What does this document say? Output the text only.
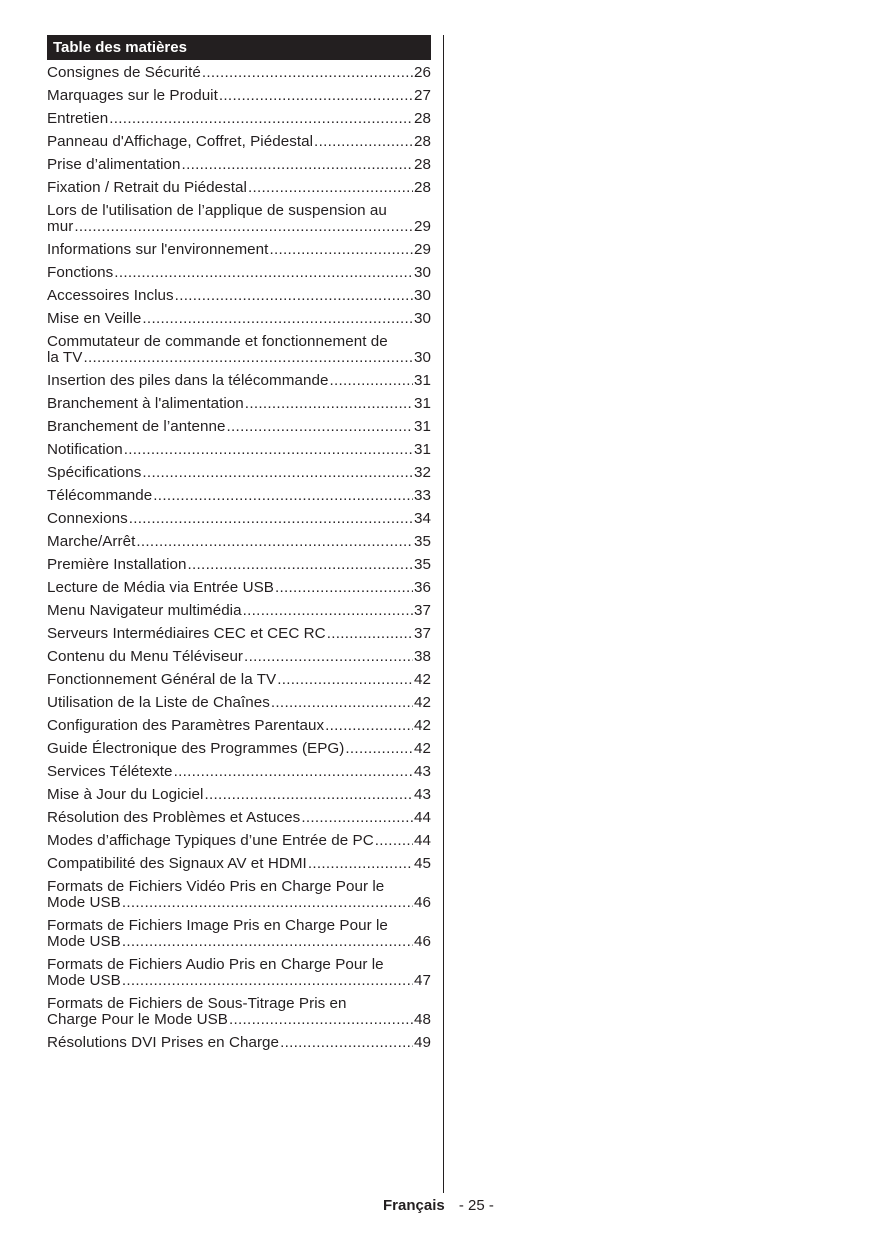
Table des matières
Consignes de Sécurité .....	26
Marquages sur le Produit .....	27
Entretien .....	28
Panneau d'Affichage, Coffret, Piédestal .....	28
Prise d’alimentation .....	28
Fixation / Retrait du Piédestal .....	28
Lors de l'utilisation de l’applique de suspension au
mur .....	29
Informations sur l'environnement .....	29
Fonctions .....	30
Accessoires Inclus .....	30
Mise en Veille .....	30
Commutateur de commande et fonctionnement de
la TV .....	30
Insertion des piles dans la télécommande .....	31
Branchement à l'alimentation .....	31
Branchement de l’antenne .....	31
Notification .....	31
Spécifications .....	32
Télécommande .....	33
Connexions .....	34
Marche/Arrêt .....	35
Première Installation .....	35
Lecture de Média via Entrée USB .....	36
Menu Navigateur multimédia .....	37
Serveurs Intermédiaires CEC et CEC RC .....	37
Contenu du Menu Téléviseur .....	38
Fonctionnement Général de la TV .....	42
Utilisation de la Liste de Chaînes .....	42
Configuration des Paramètres Parentaux .....	42
Guide Électronique des Programmes (EPG) .....	42
Services Télétexte .....	43
Mise à Jour du Logiciel .....	43
Résolution des Problèmes et Astuces .....	44
Modes d’affichage Typiques d’une Entrée de PC .....	44
Compatibilité des Signaux AV et HDMI .....	45
Formats de Fichiers Vidéo Pris en Charge Pour le
Mode USB .....	46
Formats de Fichiers Image Pris en Charge Pour le
Mode USB .....	46
Formats de Fichiers Audio Pris en Charge Pour le
Mode USB .....	47
Formats de Fichiers de Sous-Titrage Pris en
Charge Pour le Mode USB .....	48
Résolutions DVI Prises en Charge .....	49
Français - 25 -
